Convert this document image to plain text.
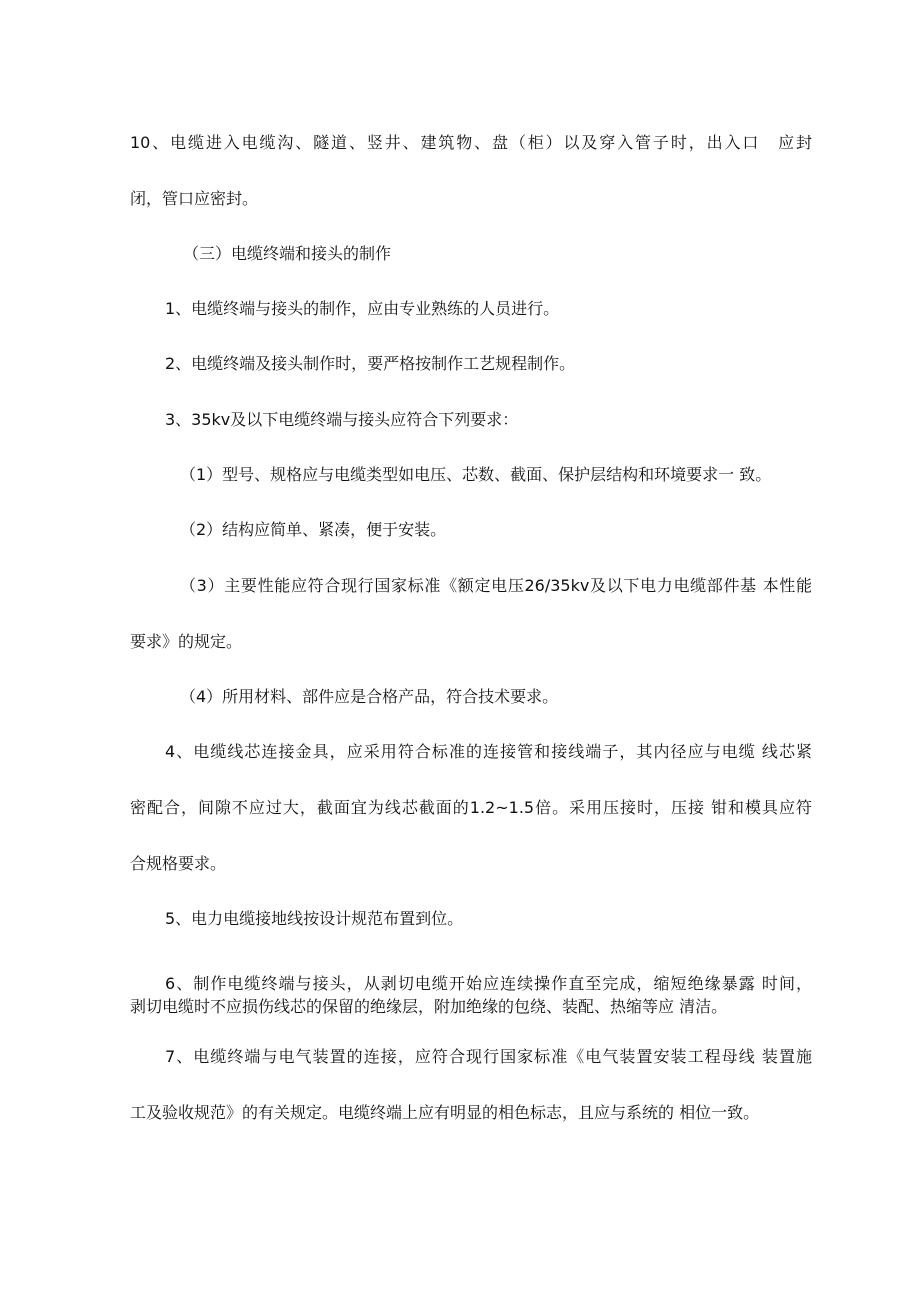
10、电缆进入电缆沟、隧道、竖井、建筑物、盘（柜）以及穿入管子时，出入口　应封

闭，管口应密封。

（三）电缆终端和接头的制作

1、电缆终端与接头的制作，应由专业熟练的人员进行。

2、电缆终端及接头制作时，要严格按制作工艺规程制作。

3、35kv及以下电缆终端与接头应符合下列要求：

（1）型号、规格应与电缆类型如电压、芯数、截面、保护层结构和环境要求一 致。

（2）结构应简单、紧凑，便于安装。

（3）主要性能应符合现行国家标准《额定电压26∕35kv及以下电力电缆部件基 本性能

要求》的规定。

（4）所用材料、部件应是合格产品，符合技术要求。

4、电缆线芯连接金具，应采用符合标准的连接管和接线端子，其内径应与电缆 线芯紧

密配合，间隙不应过大，截面宜为线芯截面的1.2~1.5倍。采用压接时，压接 钳和模具应符

合规格要求。

5、电力电缆接地线按设计规范布置到位。

6、制作电缆终端与接头，从剥切电缆开始应连续操作直至完成，缩短绝缘暴露 时间，

剥切电缆时不应损伤线芯的保留的绝缘层，附加绝缘的包绕、装配、热缩等应 清洁。

7、电缆终端与电气装置的连接，应符合现行国家标准《电气装置安装工程母线 装置施

工及验收规范》的有关规定。电缆终端上应有明显的相色标志，且应与系统的 相位一致。
